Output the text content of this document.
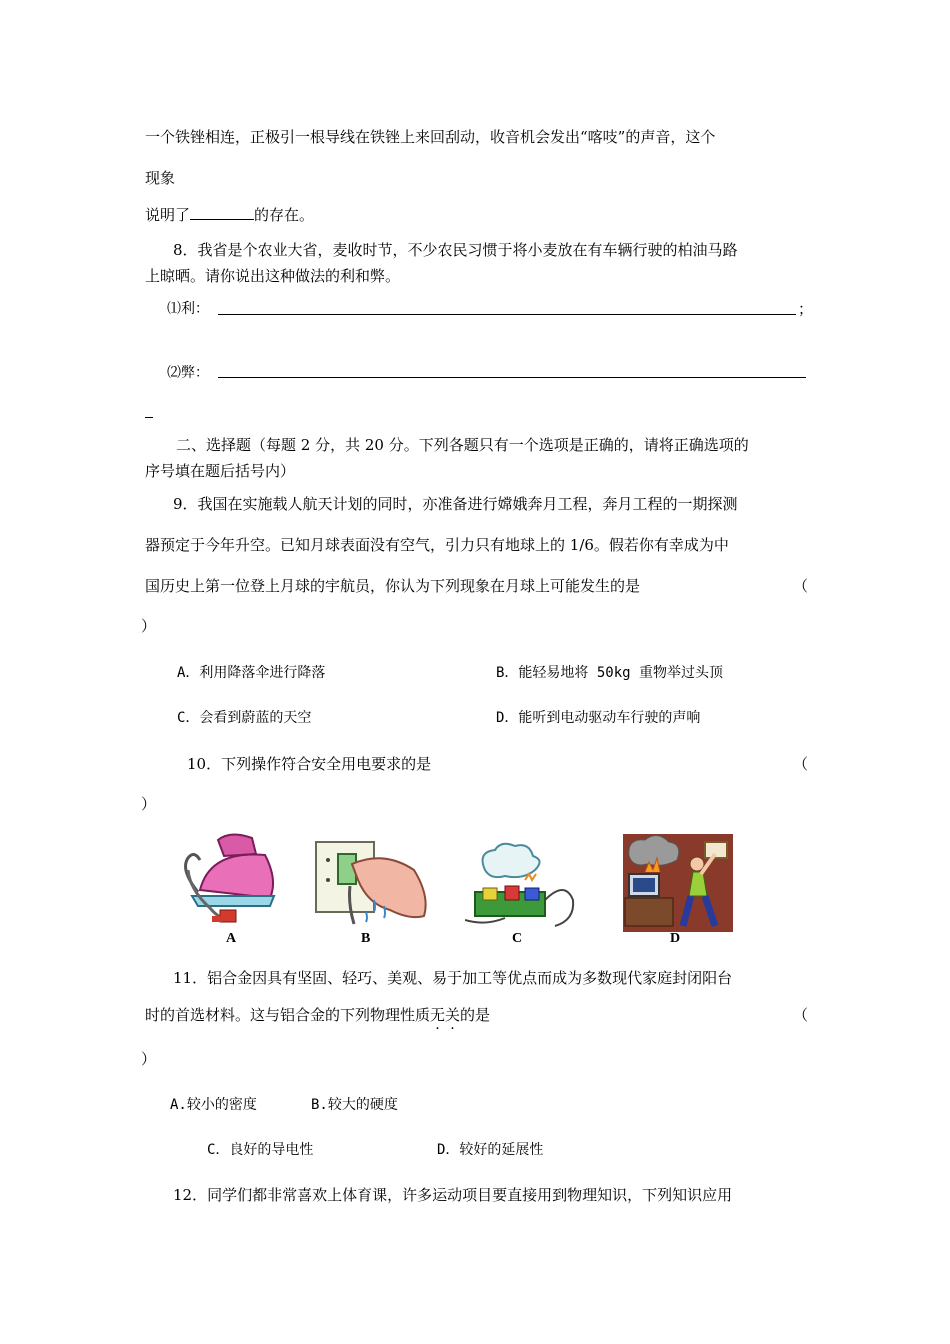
一个铁锉相连，正极引一根导线在铁锉上来回刮动，收音机会发出“喀吱”的声音，这个
现象
说明了	的存在。
8．我省是个农业大省，麦收时节，不少农民习惯于将小麦放在有车辆行驶的柏油马路
上晾晒。请你说出这种做法的利和弊。
⑴利：	；
⑵弊：
二、选择题（每题 2 分，共 20 分。下列各题只有一个选项是正确的，请将正确选项的
序号填在题后括号内）
9．我国在实施载人航天计划的同时，亦准备进行嫦娥奔月工程，奔月工程的一期探测
器预定于今年升空。已知月球表面没有空气，引力只有地球上的 1/6。假若你有幸成为中
国历史上第一位登上月球的宇航员，你认为下列现象在月球上可能发生的是	（
）
A．利用降落伞进行降落	B．能轻易地将 50kg 重物举过头顶
C．会看到蔚蓝的天空	D．能听到电动驱动车行驶的声响
10．下列操作符合安全用电要求的是	（
）
A	B	C	D
11．铝合金因具有坚固、轻巧、美观、易于加工等优点而成为多数现代家庭封闭阳台
时的首选材料。这与铝合金的下列物理性质无关的是	（
）
A.较小的密度	B.较大的硬度
C．良好的导电性	D．较好的延展性
12．同学们都非常喜欢上体育课，许多运动项目要直接用到物理知识，下列知识应用
